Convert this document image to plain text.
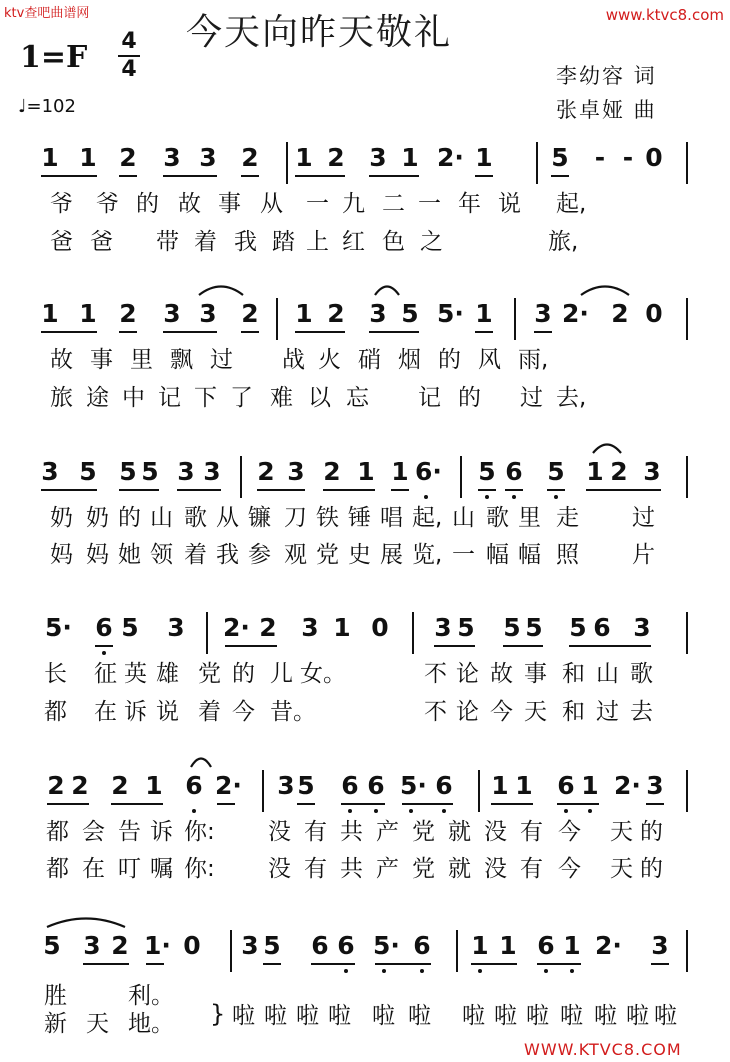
ktv查吧曲谱网	www.ktvc8.com
今天向昨天敬礼
1=F 4
4
♩=102
李幼容 词
张卓娅 曲
1 1 2 3 3 2 1 2 3 1 2· 1 5 - - 0
爷 爷 的 故 事 从 一 九 二 一 年 说 起,
爸 爸 带 着 我 踏 上 红 色 之	旅,
1 1 2 3 3 2 1 2 3 5 5· 1 3 2· 2 0
故 事 里 飘 过 战 火 硝 烟 的 风 雨,
旅 途 中 记 下 了 难 以 忘 记 的 过 去,
3 5 5 5 3 3 2 3 2 1 1 6· 5 6 5 1 2 3
奶 奶 的 山 歌 从 镰 刀 铁 锤 唱 起, 山 歌 里 走 过
妈 妈 她 领 着 我 参 观 党 史 展 览, 一 幅 幅 照 片
5· 6 5 3 2· 2 3 1 0 3 5 5 5 5 6 3
长 征 英 雄 党 的 儿 女。	不 论 故 事 和 山 歌
都 在 诉 说 着 今 昔。	不 论 今 天 和 过 去
2 2 2 1 6 2· 3 5 6 6 5· 6 1 1 6 1 2· 3
都 会 告 诉 你: 没 有 共 产 党 就 没 有 今 天 的
都 在 叮 嘱 你: 没 有 共 产 党 就 没 有 今 天 的
5 3 2 1· 0 3 5 6 6 5· 6 1 1 6 1 2· 3
胜	利。
新 天 地。	啦 啦 啦 啦 啦 啦 啦 啦 啦 啦 啦 啦 啦
}
WWW.KTVC8.COM
